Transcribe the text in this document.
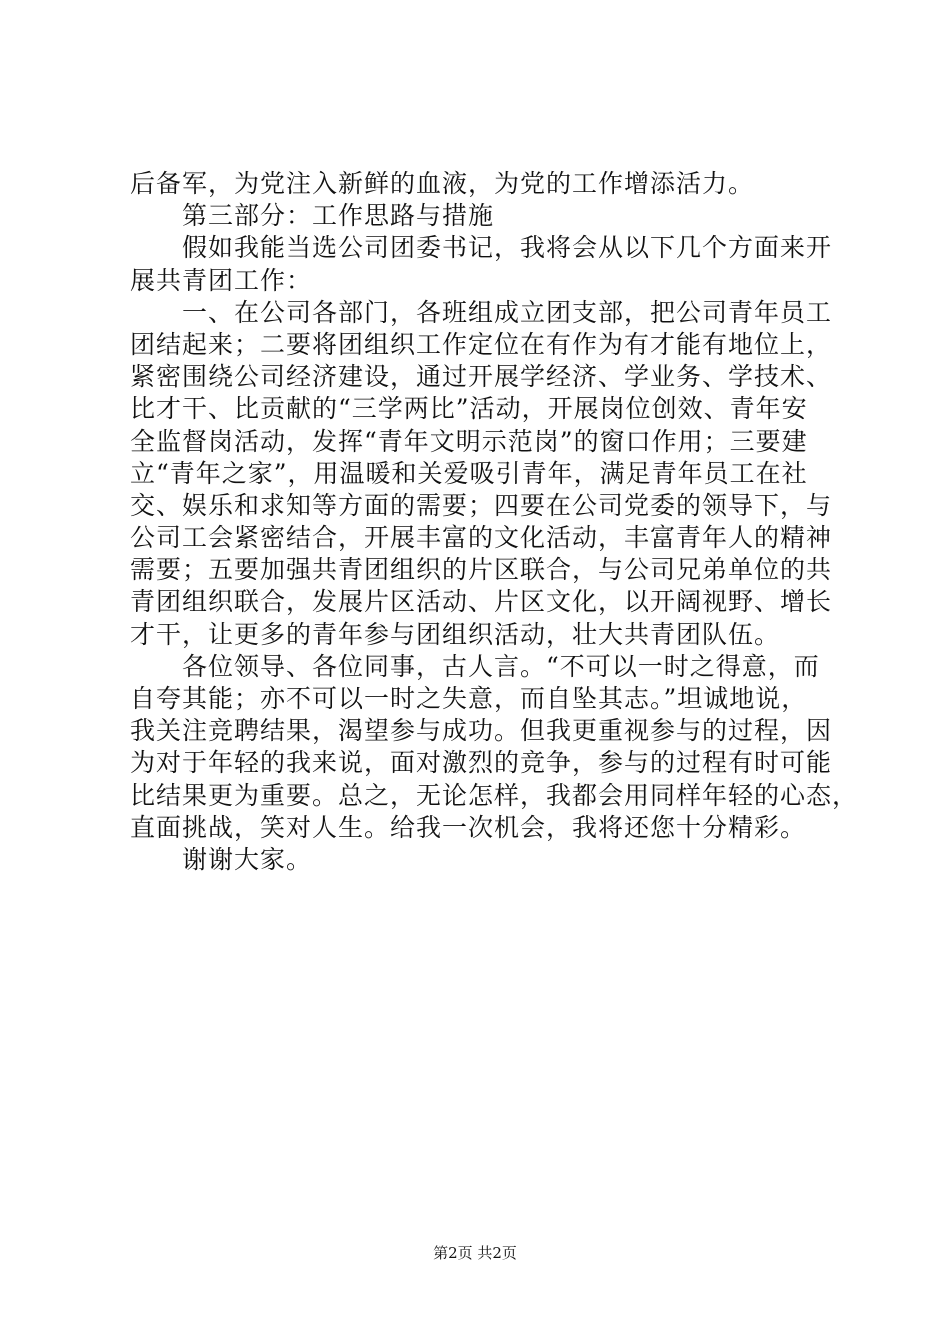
后备军，为党注入新鲜的血液，为党的工作增添活力。
第三部分：工作思路与措施
假如我能当选公司团委书记，我将会从以下几个方面来开
展共青团工作：
一、在公司各部门，各班组成立团支部，把公司青年员工
团结起来；二要将团组织工作定位在有作为有才能有地位上，
紧密围绕公司经济建设，通过开展学经济、学业务、学技术、
比才干、比贡献的“三学两比”活动，开展岗位创效、青年安
全监督岗活动，发挥“青年文明示范岗”的窗口作用；三要建
立“青年之家”，用温暖和关爱吸引青年，满足青年员工在社
交、娱乐和求知等方面的需要；四要在公司党委的领导下，与
公司工会紧密结合，开展丰富的文化活动，丰富青年人的精神
需要；五要加强共青团组织的片区联合，与公司兄弟单位的共
青团组织联合，发展片区活动、片区文化，以开阔视野、增长
才干，让更多的青年参与团组织活动，壮大共青团队伍。
各位领导、各位同事，古人言。“不可以一时之得意，而
自夸其能；亦不可以一时之失意，而自坠其志。”坦诚地说，
我关注竞聘结果，渴望参与成功。但我更重视参与的过程，因
为对于年轻的我来说，面对激烈的竞争，参与的过程有时可能
比结果更为重要。总之，无论怎样，我都会用同样年轻的心态，
直面挑战，笑对人生。给我一次机会，我将还您十分精彩。
谢谢大家。
第2页 共2页
